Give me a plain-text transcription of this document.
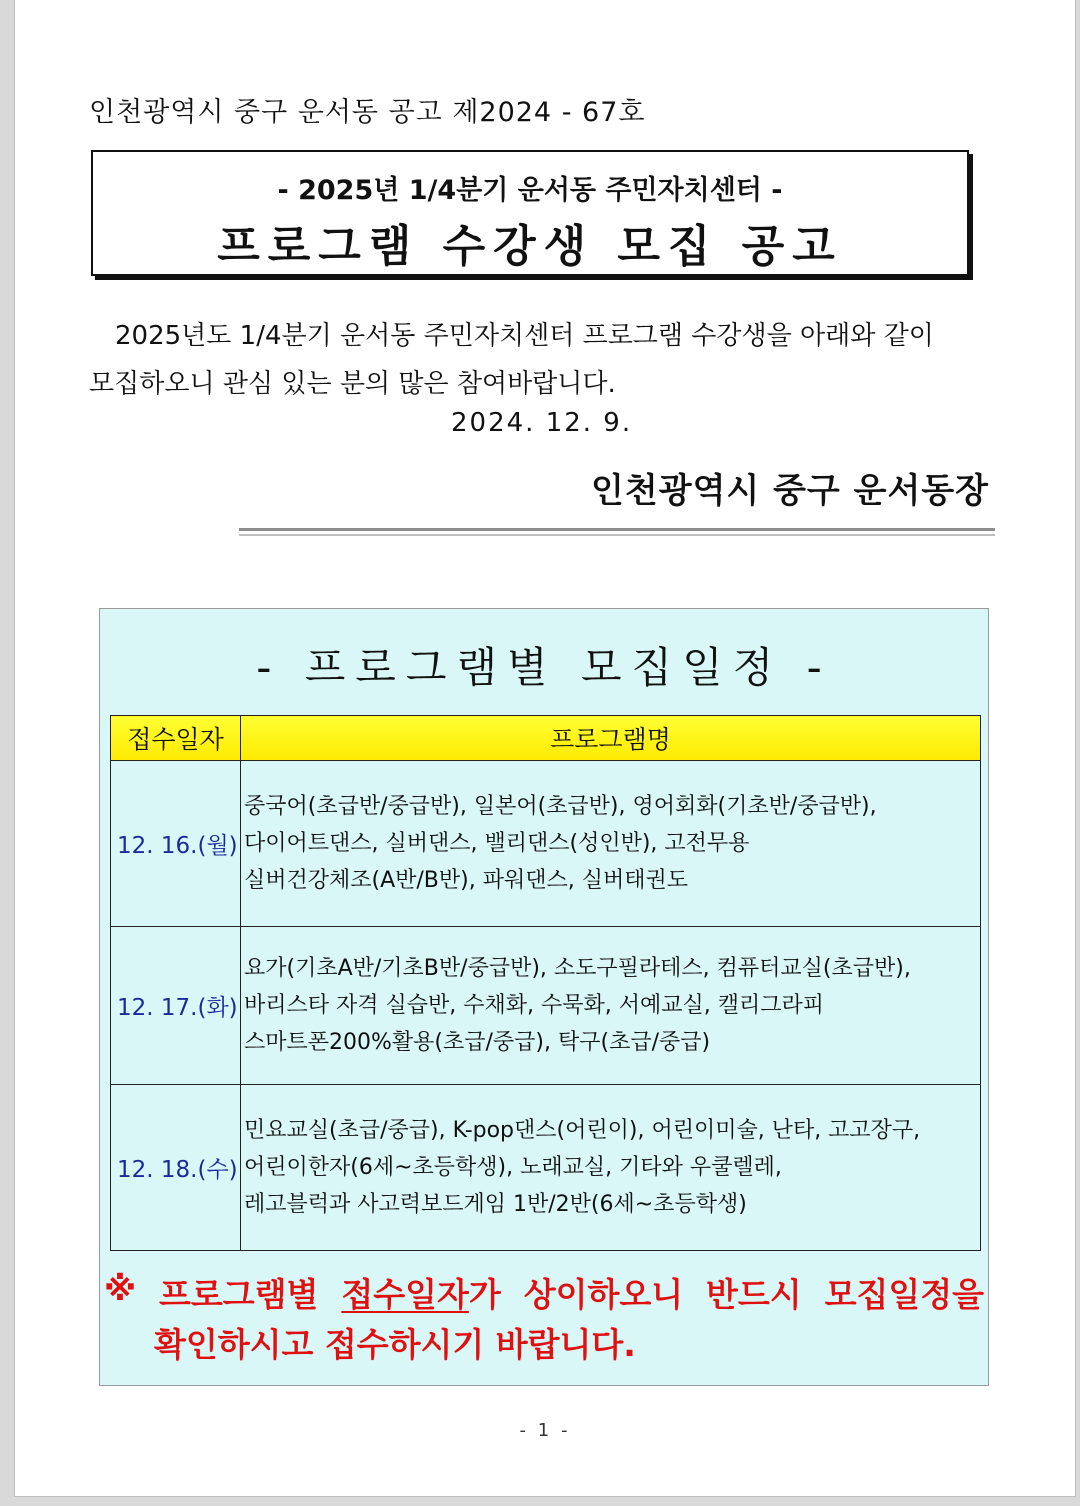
인천광역시 중구 운서동 공고 제2024 - 67호
- 2025년 1/4분기 운서동 주민자치센터 -
프로그램 수강생 모집 공고
2025년도 1/4분기 운서동 주민자치센터 프로그램 수강생을 아래와 같이
모집하오니 관심 있는 분의 많은 참여바랍니다.
2024. 12. 9.
인천광역시 중구 운서동장
- 프로그램별 모집일정 -
접수일자	프로그램명
12. 16.(월)	중국어(초급반/중급반), 일본어(초급반), 영어회화(기초반/중급반),
다이어트댄스, 실버댄스, 밸리댄스(성인반), 고전무용
실버건강체조(A반/B반), 파워댄스, 실버태권도

12. 17.(화)	요가(기초A반/기초B반/중급반), 소도구필라테스, 컴퓨터교실(초급반),
바리스타 자격 실습반, 수채화, 수묵화, 서예교실, 캘리그라피
스마트폰200%활용(초급/중급), 탁구(초급/중급)

12. 18.(수)	민요교실(초급/중급), K-pop댄스(어린이), 어린이미술, 난타, 고고장구,
어린이한자(6세~초등학생), 노래교실, 기타와 우쿨렐레,
레고블럭과 사고력보드게임 1반/2반(6세~초등학생)
※ 프로그램별 접수일자가 상이하오니 반드시 모집일정을
확인하시고 접수하시기 바랍니다.
- 1 -
